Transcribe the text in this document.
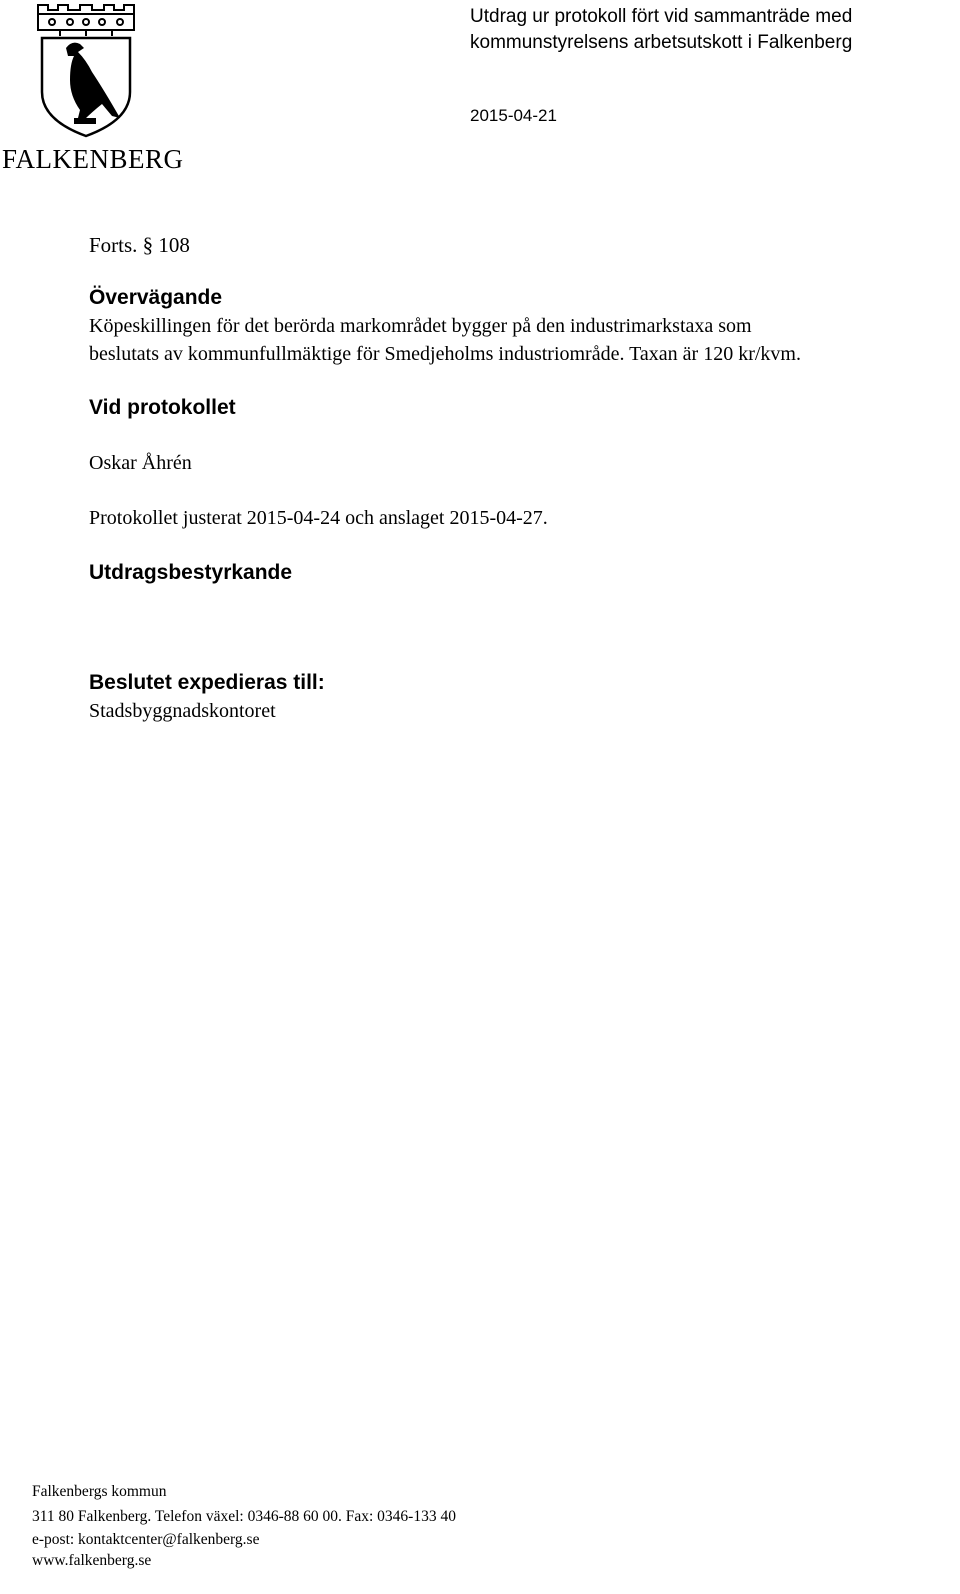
FALKENBERG
Utdrag ur protokoll fört vid sammanträde med
kommunstyrelsens arbetsutskott i Falkenberg
2015-04-21
Forts. § 108
Övervägande
Köpeskillingen för det berörda markområdet bygger på den industrimarkstaxa som
beslutats av kommunfullmäktige för Smedjeholms industriområde. Taxan är 120 kr/kvm.
Vid protokollet
Oskar Åhrén
Protokollet justerat 2015-04-24 och anslaget 2015-04-27.
Utdragsbestyrkande
Beslutet expedieras till:
Stadsbyggnadskontoret
Falkenbergs kommun
311 80 Falkenberg. Telefon växel: 0346-88 60 00. Fax: 0346-133 40
e-post: kontaktcenter@falkenberg.se
www.falkenberg.se
